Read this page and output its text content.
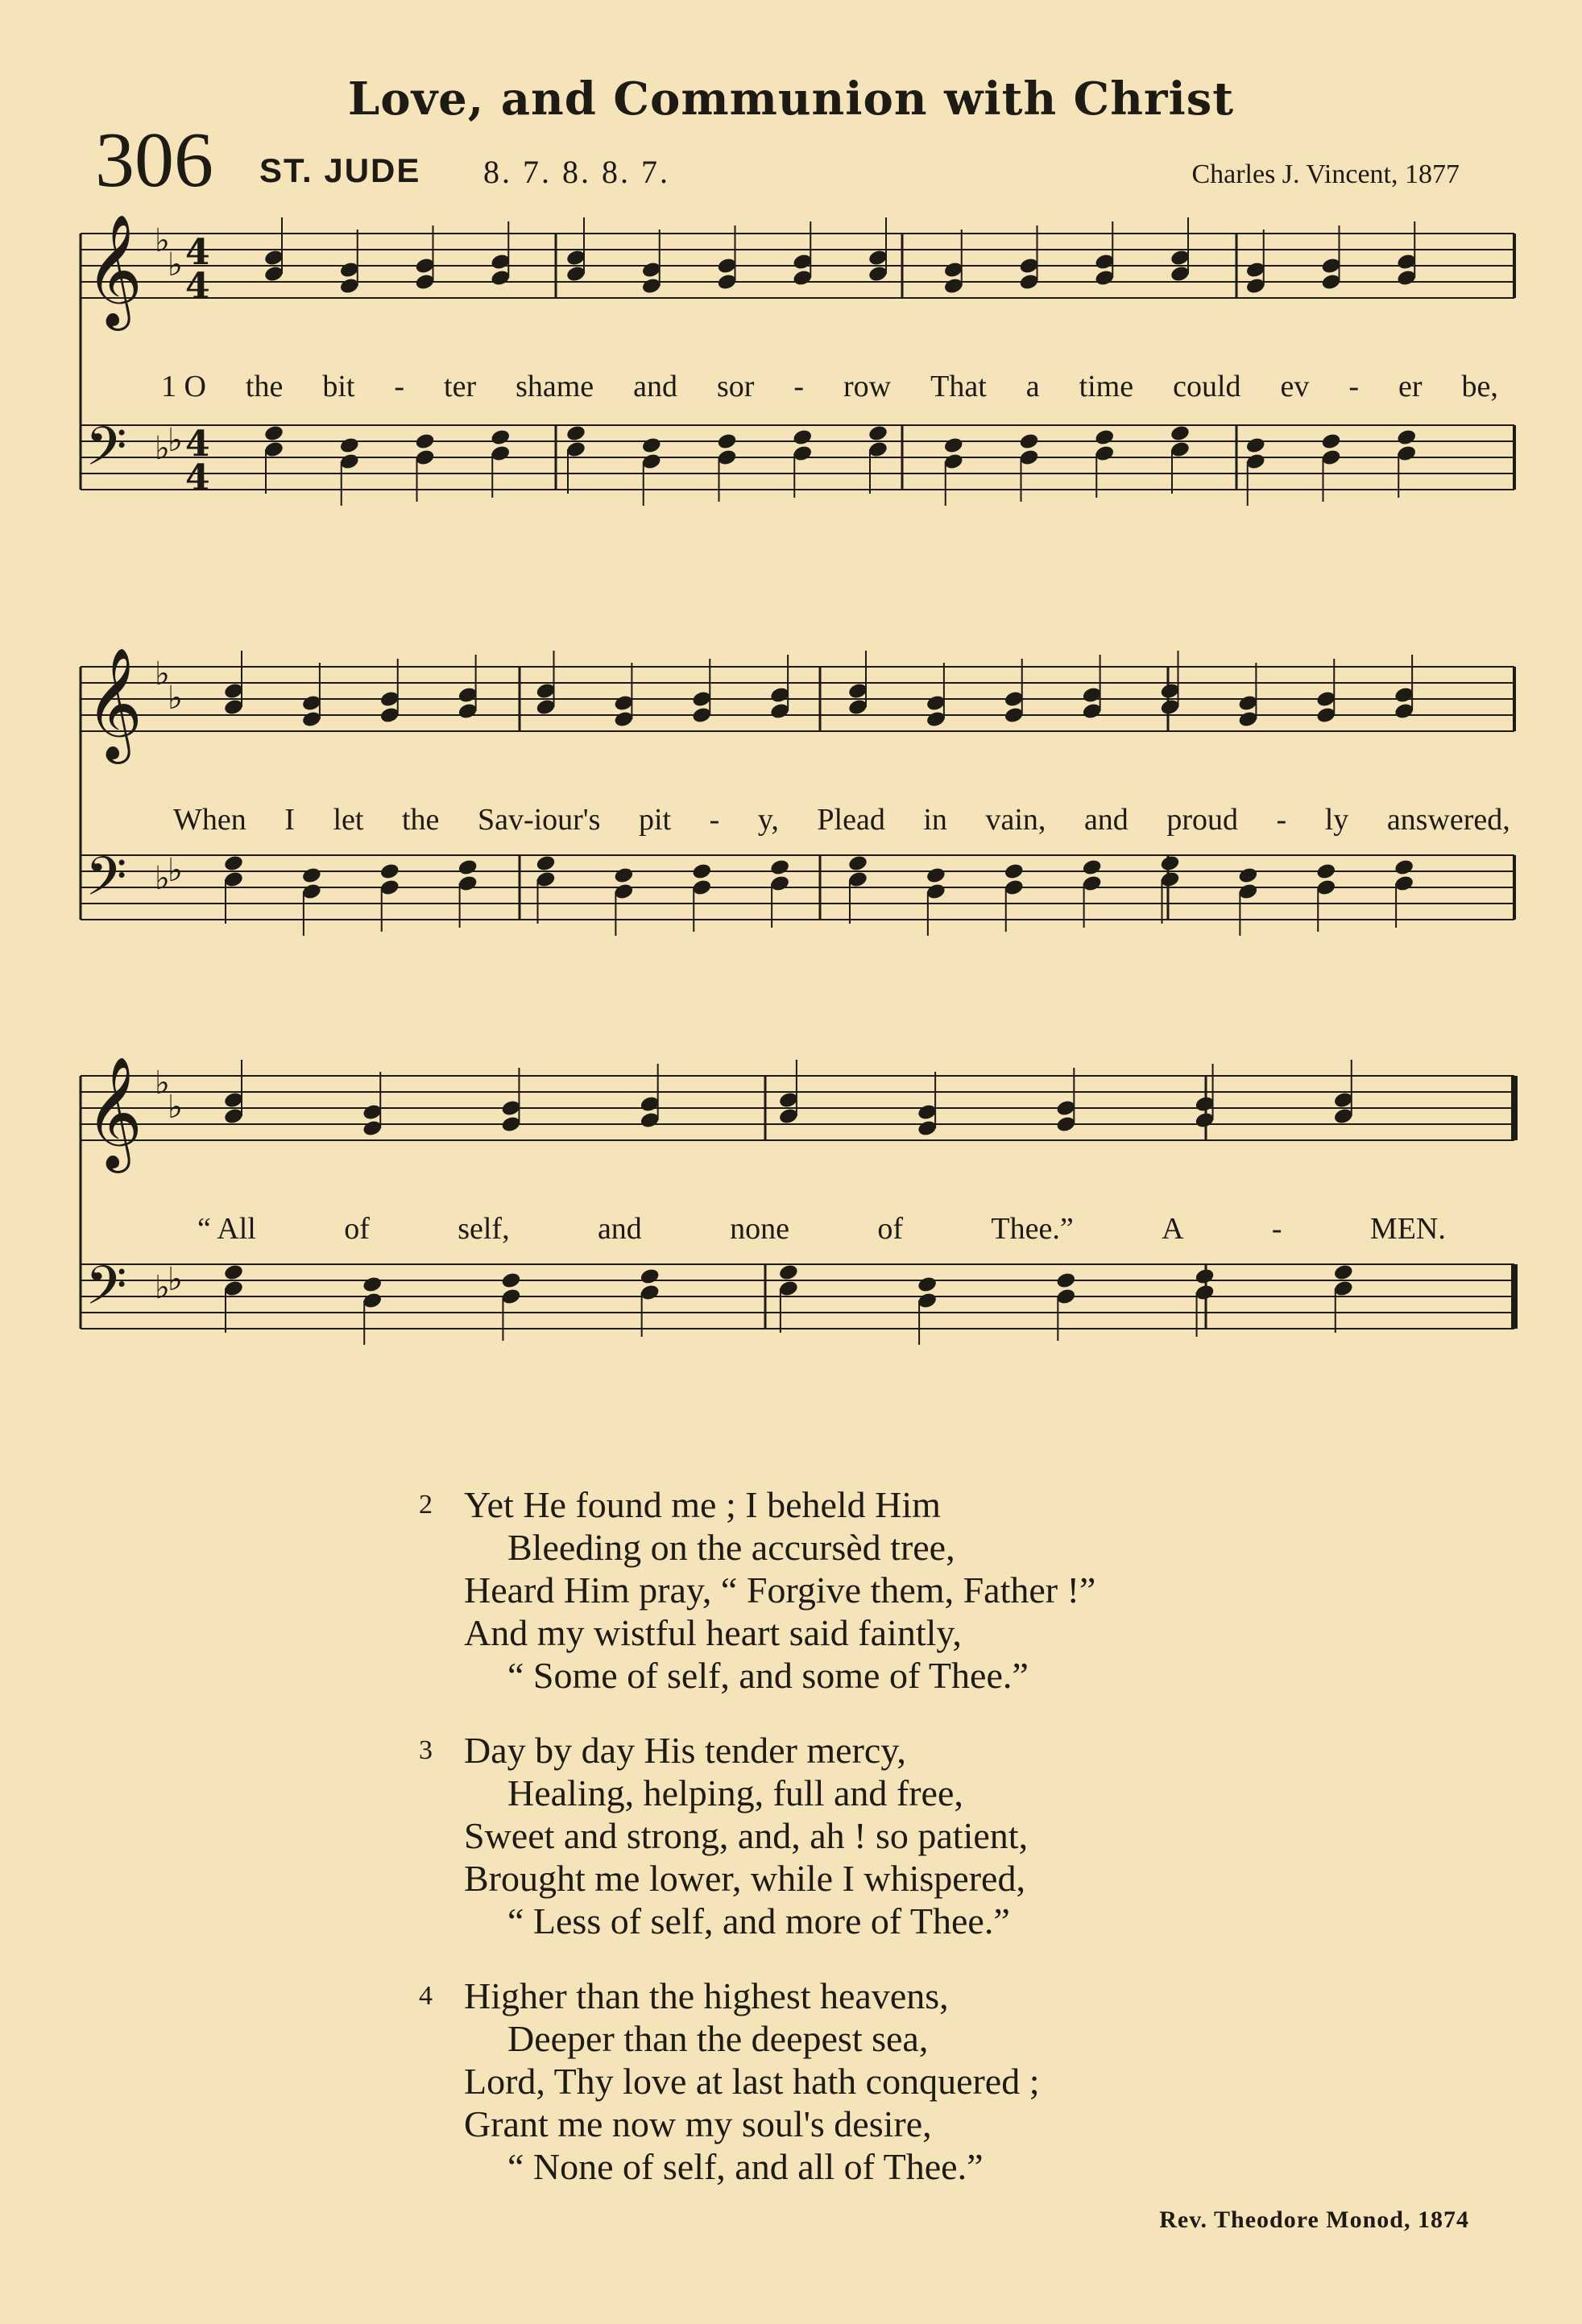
Love, and Communion with Christ
306 ST. JUDE 8. 7. 8. 8. 7.	Charles J. Vincent, 1877
𝄞 ♭
♭ 4
4
𝄢 ♭
♭ 4
4
𝄞 ♭
♭
𝄢 ♭
♭
𝄞 ♭
♭
𝄢 ♭
♭
1 O the bit - ter shame and sor - row That a time could ev - er be,
When I let the Sav-iour's pit - y, Plead in vain, and proud - ly answered,
“ All	of	self,	and	none	of	Thee.”	A	-	MEN.
2 Yet He found me ; I beheld Him
Bleeding on the accursèd tree,
Heard Him pray, “ Forgive them, Father !”
And my wistful heart said faintly,
“ Some of self, and some of Thee.”
3 Day by day His tender mercy,
Healing, helping, full and free,
Sweet and strong, and, ah ! so patient,
Brought me lower, while I whispered,
“ Less of self, and more of Thee.”
4 Higher than the highest heavens,
Deeper than the deepest sea,
Lord, Thy love at last hath conquered ;
Grant me now my soul's desire,
“ None of self, and all of Thee.”
Rev. Theodore Monod, 1874
